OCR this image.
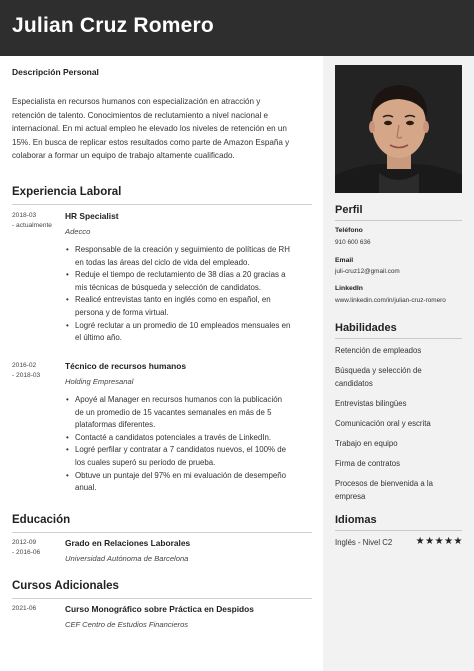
Julian Cruz Romero
Descripción Personal
Especialista en recursos humanos con especialización en atracción y
retención de talento. Conocimientos de reclutamiento a nivel nacional e
internacional. En mi actual empleo he elevado los niveles de retención en un
15%. En busca de replicar estos resultados como parte de Amazon España y
colaborar a formar un equipo de trabajo altamente cualificado.
Experiencia Laboral
2018-03
- actualmente
HR Specialist
Adecco
• Responsable de la creación y seguimiento de políticas de RH
en todas las áreas del ciclo de vida del empleado.
• Reduje el tiempo de reclutamiento de 38 días a 20 gracias a
mis técnicas de búsqueda y selección de candidatos.
• Realicé entrevistas tanto en inglés como en español, en
persona y de forma virtual.
• Logré reclutar a un promedio de 10 empleados mensuales en
el último año.
2016-02
- 2018-03
Técnico de recursos humanos
Holding Empresanal
• Apoyé al Manager en recursos humanos con la publicación
de un promedio de 15 vacantes semanales en más de 5
plataformas diferentes.
• Contacté a candidatos potenciales a través de LinkedIn.
• Logré perfilar y contratar a 7 candidatos nuevos, el 100% de
los cuales superó su periodo de prueba.
• Obtuve un puntaje del 97% en mi evaluación de desempeño
anual.
Educación
2012-09
- 2016-06
Grado en Relaciones Laborales
Universidad Autónoma de Barcelona
Cursos Adicionales
2021-06	Curso Monográfico sobre Práctica en Despidos
CEF Centro de Estudios Financieros
Perfil
Teléfono
910 600 636
Email
juli-cruz12@gmail.com
LinkedIn
www.linkedin.com/in/julian-cruz-romero
Habilidades
Retención de empleados
Búsqueda y selección de
candidatos
Entrevistas bilingües
Comunicación oral y escrita
Trabajo en equipo
Firma de contratos
Procesos de bienvenida a la
empresa
Idiomas
Inglés - Nivel C2 ★★★★★
